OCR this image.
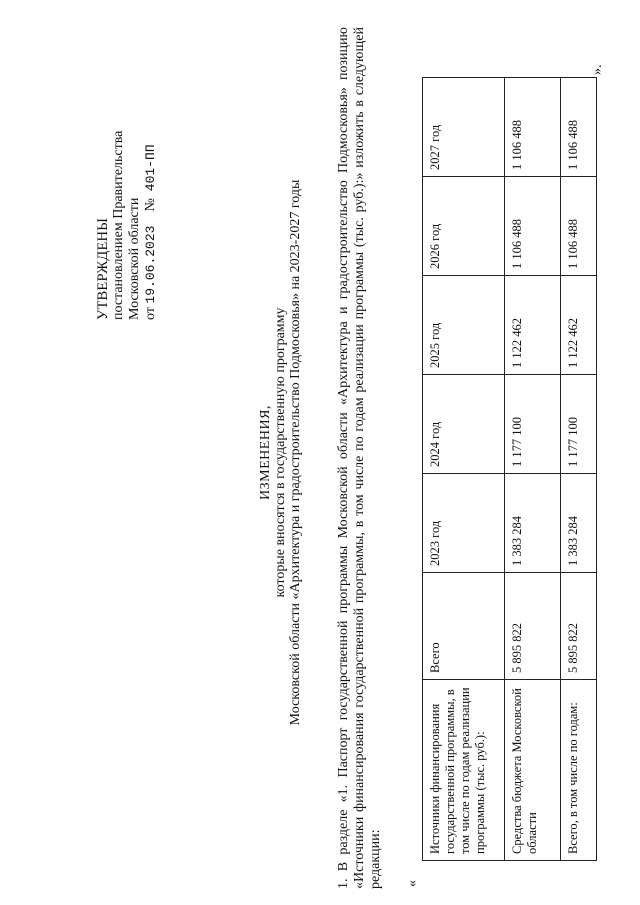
УТВЕРЖДЕНЫ постановлением Правительства Московской области от 19.06.2023    №  401-ПП
ИЗМЕНЕНИЯ, которые вносятся в государственную программу Московской области «Архитектура и градостроительство Подмосковья» на 2023-2027 годы 1. В разделе «1. Паспорт государственной программы Московской области «Архитектура и градостроительство Подмосковья» позицию «Источники финансирования государственной программы, в том числе по годам реализации программы (тыс. руб.):» изложить в следующей редакции: «
Источники финансирования государственной программы, в том числе по годам реализации программы (тыс. руб.):	Всего	2023 год	2024 год	2025 год	2026 год	2027 год
Средства бюджета Московской области	5 895 822	1 383 284	1 177 100	1 122 462	1 106 488	1 106 488
Всего, в том числе по годам:	5 895 822	1 383 284	1 177 100	1 122 462	1 106 488	1 106 488
».
